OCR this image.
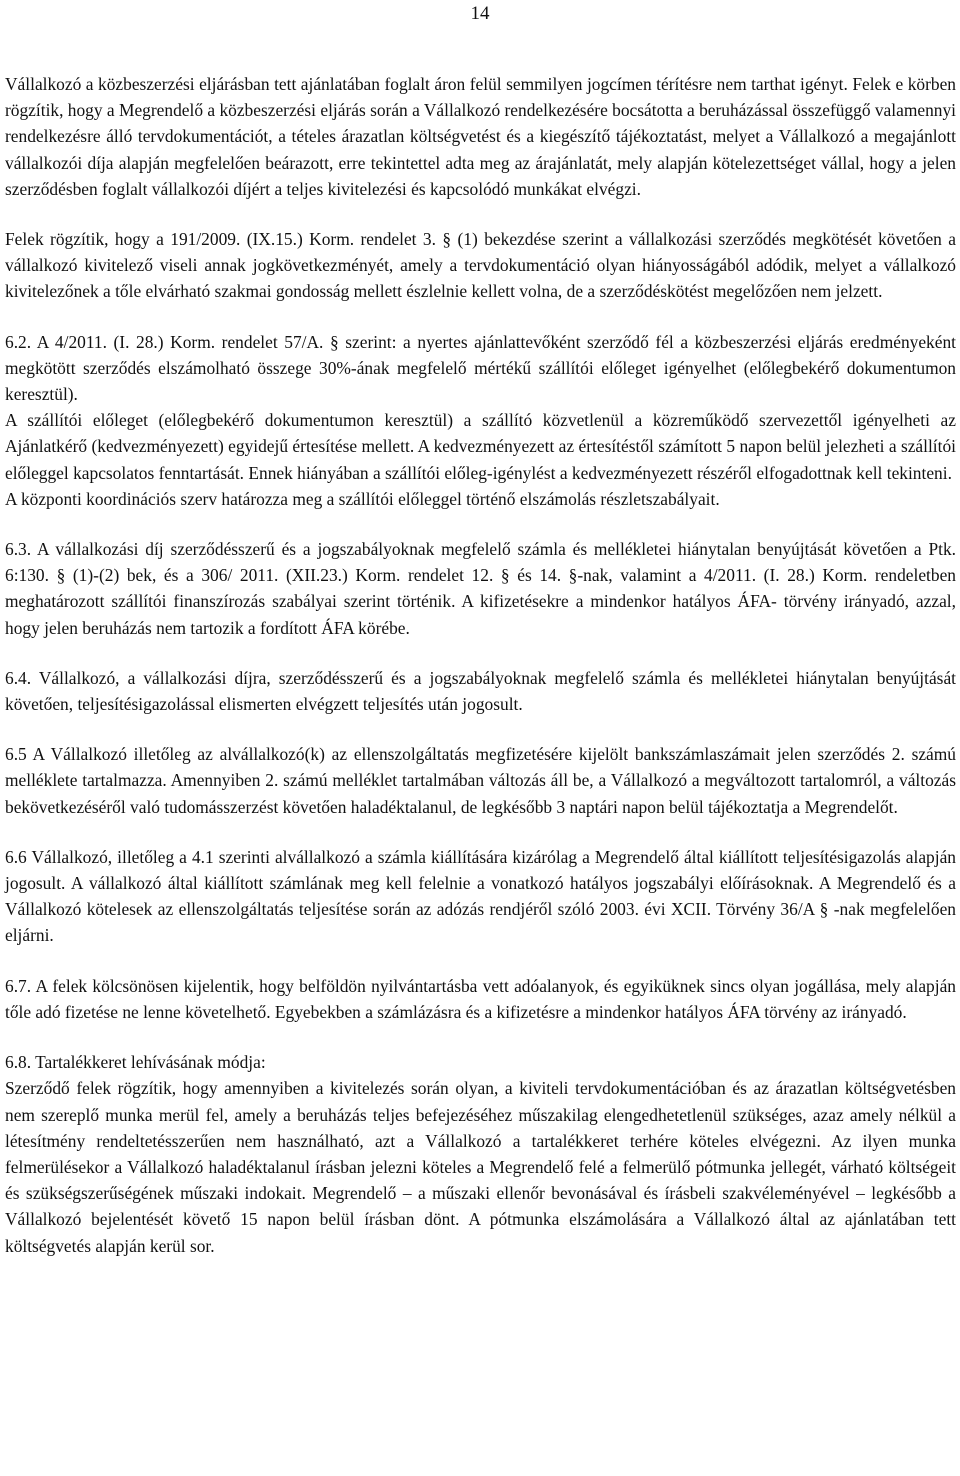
14

Vállalkozó a közbeszerzési eljárásban tett ajánlatában foglalt áron felül semmilyen jogcímen térítésre nem tarthat igényt. Felek e körben rögzítik, hogy a Megrendelő a közbeszerzési eljárás során a Vállalkozó rendelkezésére bocsátotta a beruházással összefüggő valamennyi rendelkezésre álló tervdokumentációt, a tételes árazatlan költségvetést és a kiegészítő tájékoztatást, melyet a Vállalkozó a megajánlott vállalkozói díja alapján megfelelően beárazott, erre tekintettel adta meg az árajánlatát, mely alapján kötelezettséget vállal, hogy a jelen szerződésben foglalt vállalkozói díjért a teljes kivitelezési és kapcsolódó munkákat elvégzi.

Felek rögzítik, hogy a 191/2009. (IX.15.) Korm. rendelet 3. § (1) bekezdése szerint a vállalkozási szerződés megkötését követően a vállalkozó kivitelező viseli annak jogkövetkezményét, amely a tervdokumentáció olyan hiányosságából adódik, melyet a vállalkozó kivitelezőnek a tőle elvárható szakmai gondosság mellett észlelnie kellett volna, de a szerződéskötést megelőzően nem jelzett.

6.2. A 4/2011. (I. 28.) Korm. rendelet 57/A. § szerint: a nyertes ajánlattevőként szerződő fél a közbeszerzési eljárás eredményeként megkötött szerződés elszámolható összege 30%-ának megfelelő mértékű szállítói előleget igényelhet (előlegbekérő dokumentumon keresztül).

A szállítói előleget (előlegbekérő dokumentumon keresztül) a szállító közvetlenül a közreműködő szervezettől igényelheti az Ajánlatkérő (kedvezményezett) egyidejű értesítése mellett. A kedvezményezett az értesítéstől számított 5 napon belül jelezheti a szállítói előleggel kapcsolatos fenntartását. Ennek hiányában a szállítói előleg-igénylést a kedvezményezett részéről elfogadottnak kell tekinteni.

A központi koordinációs szerv határozza meg a szállítói előleggel történő elszámolás részletszabályait.

6.3. A vállalkozási díj szerződésszerű és a jogszabályoknak megfelelő számla és mellékletei hiánytalan benyújtását követően a Ptk. 6:130. § (1)-(2) bek, és a 306/ 2011. (XII.23.) Korm. rendelet 12. § és 14. §-nak, valamint a 4/2011. (I. 28.) Korm. rendeletben meghatározott szállítói finanszírozás szabályai szerint történik. A kifizetésekre a mindenkor hatályos ÁFA- törvény irányadó, azzal, hogy jelen beruházás nem tartozik a fordított ÁFA körébe.

6.4. Vállalkozó, a vállalkozási díjra, szerződésszerű és a jogszabályoknak megfelelő számla és mellékletei hiánytalan benyújtását követően, teljesítésigazolással elismerten elvégzett teljesítés után jogosult.

6.5 A Vállalkozó illetőleg az alvállalkozó(k) az ellenszolgáltatás megfizetésére kijelölt bankszámlaszámait jelen szerződés 2. számú melléklete tartalmazza. Amennyiben 2. számú melléklet tartalmában változás áll be, a Vállalkozó a megváltozott tartalomról, a változás bekövetkezéséről való tudomásszerzést követően haladéktalanul, de legkésőbb 3 naptári napon belül tájékoztatja a Megrendelőt.

6.6 Vállalkozó, illetőleg a 4.1 szerinti alvállalkozó a számla kiállítására kizárólag a Megrendelő által kiállított teljesítésigazolás alapján jogosult. A vállalkozó által kiállított számlának meg kell felelnie a vonatkozó hatályos jogszabályi előírásoknak. A Megrendelő és a Vállalkozó kötelesek az ellenszolgáltatás teljesítése során az adózás rendjéről szóló 2003. évi XCII. Törvény 36/A § -nak megfelelően eljárni.

6.7. A felek kölcsönösen kijelentik, hogy belföldön nyilvántartásba vett adóalanyok, és egyiküknek sincs olyan jogállása, mely alapján tőle adó fizetése ne lenne követelhető. Egyebekben a számlázásra és a kifizetésre a mindenkor hatályos ÁFA törvény az irányadó.

6.8. Tartalékkeret lehívásának módja:

Szerződő felek rögzítik, hogy amennyiben a kivitelezés során olyan, a kiviteli tervdokumentációban és az árazatlan költségvetésben nem szereplő munka merül fel, amely a beruházás teljes befejezéséhez műszakilag elengedhetetlenül szükséges, azaz amely nélkül a létesítmény rendeltetésszerűen nem használható, azt a Vállalkozó a tartalékkeret terhére köteles elvégezni. Az ilyen munka felmerülésekor a Vállalkozó haladéktalanul írásban jelezni köteles a Megrendelő felé a felmerülő pótmunka jellegét, várható költségeit és szükségszerűségének műszaki indokait. Megrendelő – a műszaki ellenőr bevonásával és írásbeli szakvéleményével – legkésőbb a Vállalkozó bejelentését követő 15 napon belül írásban dönt. A pótmunka elszámolására a Vállalkozó által az ajánlatában tett költségvetés alapján kerül sor.
